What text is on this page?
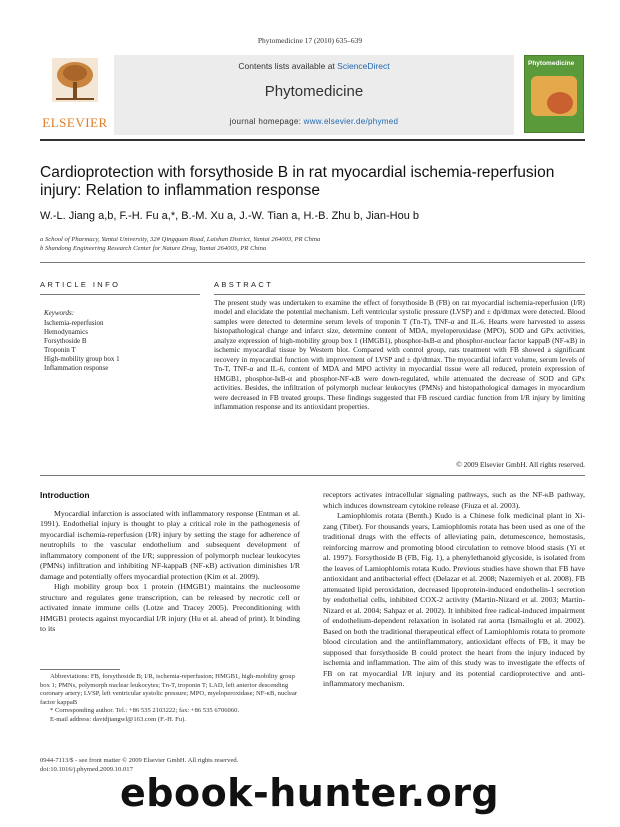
Phytomedicine 17 (2010) 635–639
ELSEVIER
Contents lists available at ScienceDirect
Phytomedicine
journal homepage: www.elsevier.de/phymed
Phytomedicine
Cardioprotection with forsythoside B in rat myocardial ischemia-reperfusion injury: Relation to inflammation response
W.-L. Jiang a,b, F.-H. Fu a,*, B.-M. Xu a, J.-W. Tian a, H.-B. Zhu b, Jian-Hou b
a School of Pharmacy, Yantai University, 32# Qingquan Road, Laishan District, Yantai 264003, PR China
b Shandong Engineering Research Center for Nature Drug, Yantai 264003, PR China
ARTICLE INFO	ABSTRACT
Keywords:
Ischemia-reperfusion
Hemodynamics
Forsythoside B
Troponin T
High-mobility group box 1
Inflammation response
The present study was undertaken to examine the effect of forsythoside B (FB) on rat myocardial ischemia-reperfusion (I/R) model and elucidate the potential mechanism. Left ventricular systolic pressure (LVSP) and ± dp/dtmax were detected. Blood samples were detected to determine serum levels of troponin T (Tn-T), TNF-α and IL-6. Hearts were harvested to assess histopathological change and infarct size, determine content of MDA, myeloperoxidase (MPO), SOD and GPx activities, analyze expression of high-mobility group box 1 (HMGB1), phosphor-IκB-α and phosphor-nuclear factor kappaB (NF-κB) in ischemic myocardial tissue by Western blot. Compared with control group, rats treatment with FB showed a significant recovery in myocardial function with improvement of LVSP and ± dp/dtmax. The myocardial infarct volume, serum levels of Tn-T, TNF-α and IL-6, content of MDA and MPO activity in myocardial tissue were all reduced, protein expression of HMGB1, phosphor-IκB-α and phosphor-NF-κB were down-regulated, while attenuated the decrease of SOD and GPx activities. Besides, the infiltration of polymorph nuclear leukocytes (PMNs) and histopathological damages in myocardium were decreased in FB treated groups. These findings suggested that FB rescued cardiac function from I/R injury by limiting inflammation response and its antioxidant properties.
© 2009 Elsevier GmbH. All rights reserved.
Introduction

Myocardial infarction is associated with inflammatory response (Entman et al. 1991). Endothelial injury is thought to play a critical role in the pathogenesis of myocardial ischemia-reperfusion (I/R) injury by setting the stage for adherence of neutrophils to the vascular endothelium and subsequent development of inflammatory component of the I/R; suppression of polymorph nuclear leukocytes (PMNs) infiltration and inhibiting NF-kappaB (NF-κB) activation diminishes I/R damage and potentially offers myocardial protection (Kim et al. 2009).

High mobility group box 1 protein (HMGB1) maintains the nucleosome structure and regulates gene transcription, can be released by necrotic cell or activated innate immune cells (Lotze and Tracey 2005). Preconditioning with HMGB1 protects against myocardial I/R injury (Hu et al. ahead of print). It binding to its

receptors activates intracellular signaling pathways, such as the NF-κB pathway, which induces downstream cytokine release (Fiuza et al. 2003).

Lamiophlomis rotata (Benth.) Kudo is a Chinese folk medicinal plant in Xi-zang (Tibet). For thousands years, Lamiophlomis rotata has been used as one of the traditional drugs with the effects of alleviating pain, detumescence, hemostasis, reinforcing marrow and promoting blood circulation to remove blood stasis (Yi et al. 1997). Forsythoside B (FB, Fig. 1), a phenylethanoid glycoside, is isolated from the leaves of Lamiophlomis rotata Kudo. Previous studies have shown that FB have antioxidant and antibacterial effect (Delazar et al. 2008; Nazemiyeh et al. 2008). FB attenuated lipid peroxidation, decreased lipoprotein-induced endothelin-1 secretion by endothelial cells, inhibited COX-2 activity (Martin-Nizard et al. 2003; Martin-Nizard et al. 2004; Sahpaz et al. 2002). It inhibited free radical-induced impairment of endothelium-dependent relaxation in isolated rat aorta (Ismailoglu et al. 2002). Based on both the traditional therapeutical effect of Lamiophlomis rotata to promote blood circulation and the antiinflammatory, antioxidant effects of FB, it may be supposed that forsythoside B could protect the heart from the injury induced by ischemia and inflammation. The aim of this study was to investigate the effects of FB on rat myocardial I/R injury and its potential cardioprotective and anti-inflammatory mechanism.

Abbreviations: FB, forsythoside B; I/R, ischemia-reperfusion; HMGB1, high-mobility group box 1; PMNs, polymorph nuclear leukocytes; Tn-T, troponin T; LAD, left anterior descending coronary artery; LVSP, left ventricular systolic pressure; MPO, myeloperoxidase; NF-κB, nuclear factor kappaB

* Corresponding author. Tel.: +86 535 2103222; fax: +86 535 6706060.

E-mail address: davidjiangwl@163.com (F.-H. Fu).

0944-7113/$ - see front matter © 2009 Elsevier GmbH. All rights reserved.
doi:10.1016/j.phymed.2009.10.017
ebook-hunter.org
